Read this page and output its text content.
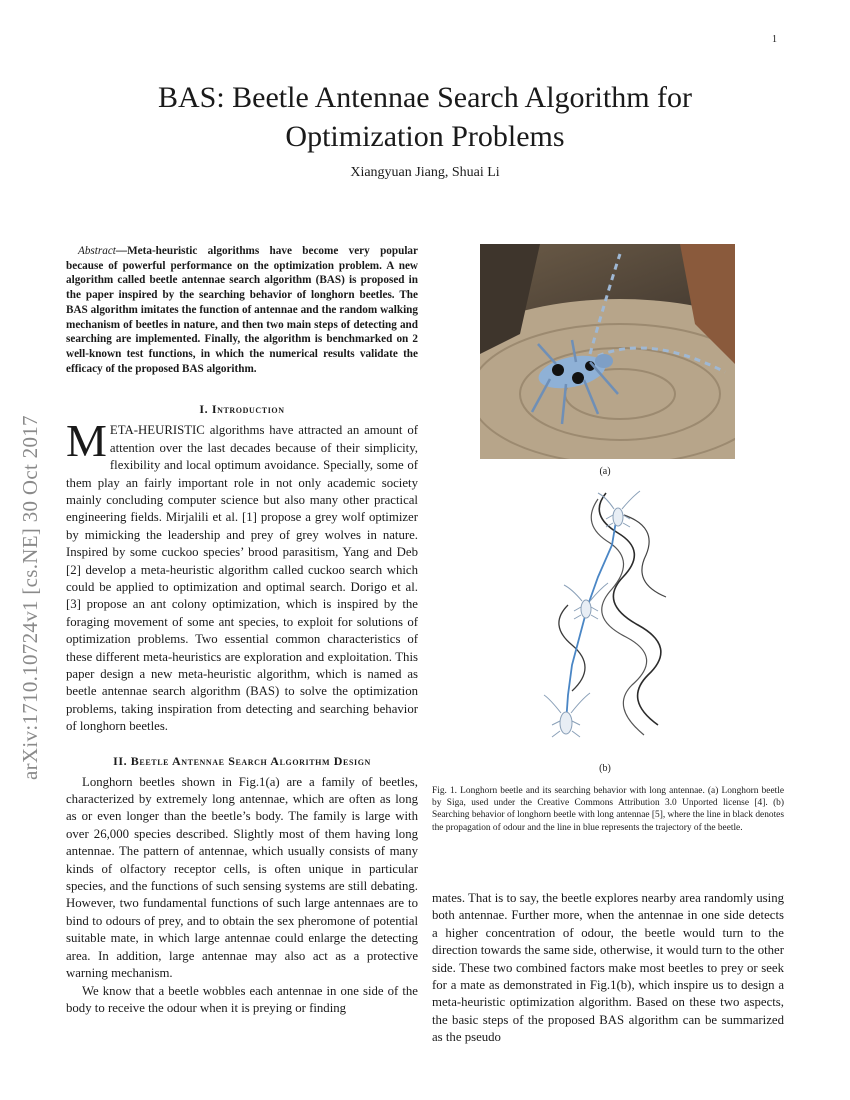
1
BAS: Beetle Antennae Search Algorithm for
Optimization Problems
Xiangyuan Jiang, Shuai Li
arXiv:1710.10724v1 [cs.NE] 30 Oct 2017

Abstract—Meta-heuristic algorithms have become very popular because of powerful performance on the optimization problem. A new algorithm called beetle antennae search algorithm (BAS) is proposed in the paper inspired by the searching behavior of longhorn beetles. The BAS algorithm imitates the function of antennae and the random walking mechanism of beetles in nature, and then two main steps of detecting and searching are implemented. Finally, the algorithm is benchmarked on 2 well-known test functions, in which the numerical results validate the efficacy of the proposed BAS algorithm.

I. Introduction

META-HEURISTIC algorithms have attracted an amount of attention over the last decades because of their simplicity, flexibility and local optimum avoidance. Specially, some of them play an fairly important role in not only academic society mainly concluding computer science but also many other practical engineering fields. Mirjalili et al. [1] propose a grey wolf optimizer by mimicking the leadership and prey of grey wolves in nature. Inspired by some cuckoo species’ brood parasitism, Yang and Deb [2] develop a meta-heuristic algorithm called cuckoo search which could be applied to optimization and optimal search. Dorigo et al. [3] propose an ant colony optimization, which is inspired by the foraging movement of some ant species, to exploit for solutions of optimization problems. Two essential common characteristics of these different meta-heuristics are exploration and exploitation. This paper design a new meta-heuristic algorithm, which is named as beetle antennae search algorithm (BAS) to solve the optimization problems, taking inspiration from detecting and searching behavior of longhorn beetles.

II. Beetle Antennae Search Algorithm Design

Longhorn beetles shown in Fig.1(a) are a family of beetles, characterized by extremely long antennae, which are often as long as or even longer than the beetle’s body. The family is large with over 26,000 species described. Slightly most of them having long antennae. The pattern of antennae, which usually consists of many kinds of olfactory receptor cells, is often unique in particular species, and the functions of such sensing systems are still debating. However, two fundamental functions of such large antennaes are to bind to odours of prey, and to obtain the sex pheromone of potential suitable mate, in which large antennae could enlarge the detecting area. In addition, large antennae may also act as a protective warning mechanism.

We know that a beetle wobbles each antennae in one side of the body to receive the odour when it is preying or finding

(a)
(b)

Fig. 1. Longhorn beetle and its searching behavior with long antennae. (a) Longhorn beetle by Siga, used under the Creative Commons Attribution 3.0 Unported license [4]. (b) Searching behavior of longhorn beetle with long antennae [5], where the line in black denotes the propagation of odour and the line in blue represents the trajectory of the beetle.

mates. That is to say, the beetle explores nearby area randomly using both antennae. Further more, when the antennae in one side detects a higher concentration of odour, the beetle would turn to the direction towards the same side, otherwise, it would turn to the other side. These two combined factors make most beetles to prey or seek for a mate as demonstrated in Fig.1(b), which inspire us to design a meta-heuristic optimization algorithm. Based on these two aspects, the basic steps of the proposed BAS algorithm can be summarized as the pseudo
